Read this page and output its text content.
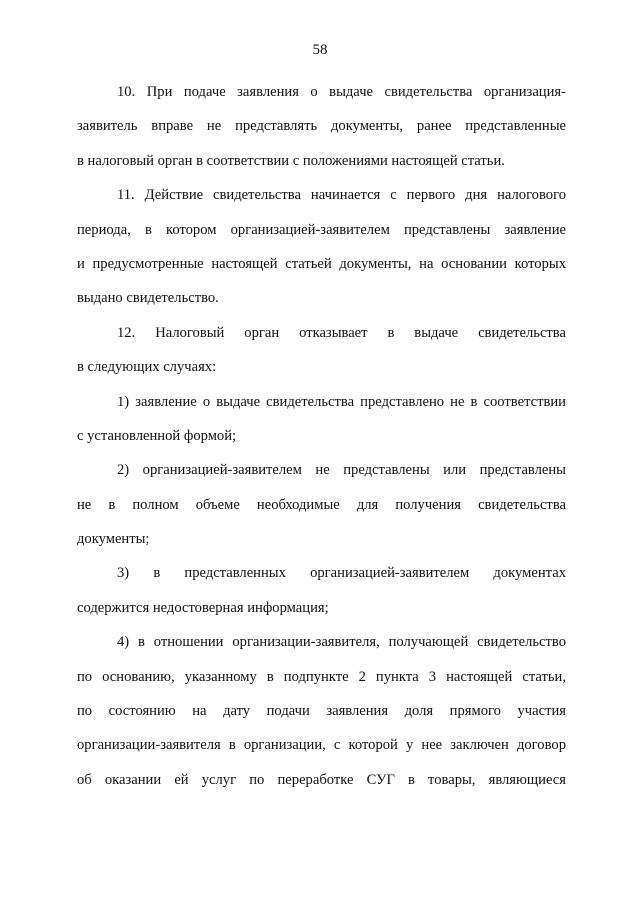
58
10. При подаче заявления о выдаче свидетельства организация-
заявитель вправе не представлять документы, ранее представленные
в налоговый орган в соответствии с положениями настоящей статьи.
11. Действие свидетельства начинается с первого дня налогового
периода, в котором организацией-заявителем представлены заявление
и предусмотренные настоящей статьей документы, на основании которых
выдано свидетельство.
12. Налоговый орган отказывает в выдаче свидетельства
в следующих случаях:
1) заявление о выдаче свидетельства представлено не в соответствии
с установленной формой;
2) организацией-заявителем не представлены или представлены
не в полном объеме необходимые для получения свидетельства
документы;
3) в представленных организацией-заявителем документах
содержится недостоверная информация;
4) в отношении организации-заявителя, получающей свидетельство
по основанию, указанному в подпункте 2 пункта 3 настоящей статьи,
по состоянию на дату подачи заявления доля прямого участия
организации-заявителя в организации, с которой у нее заключен договор
об оказании ей услуг по переработке СУГ в товары, являющиеся
